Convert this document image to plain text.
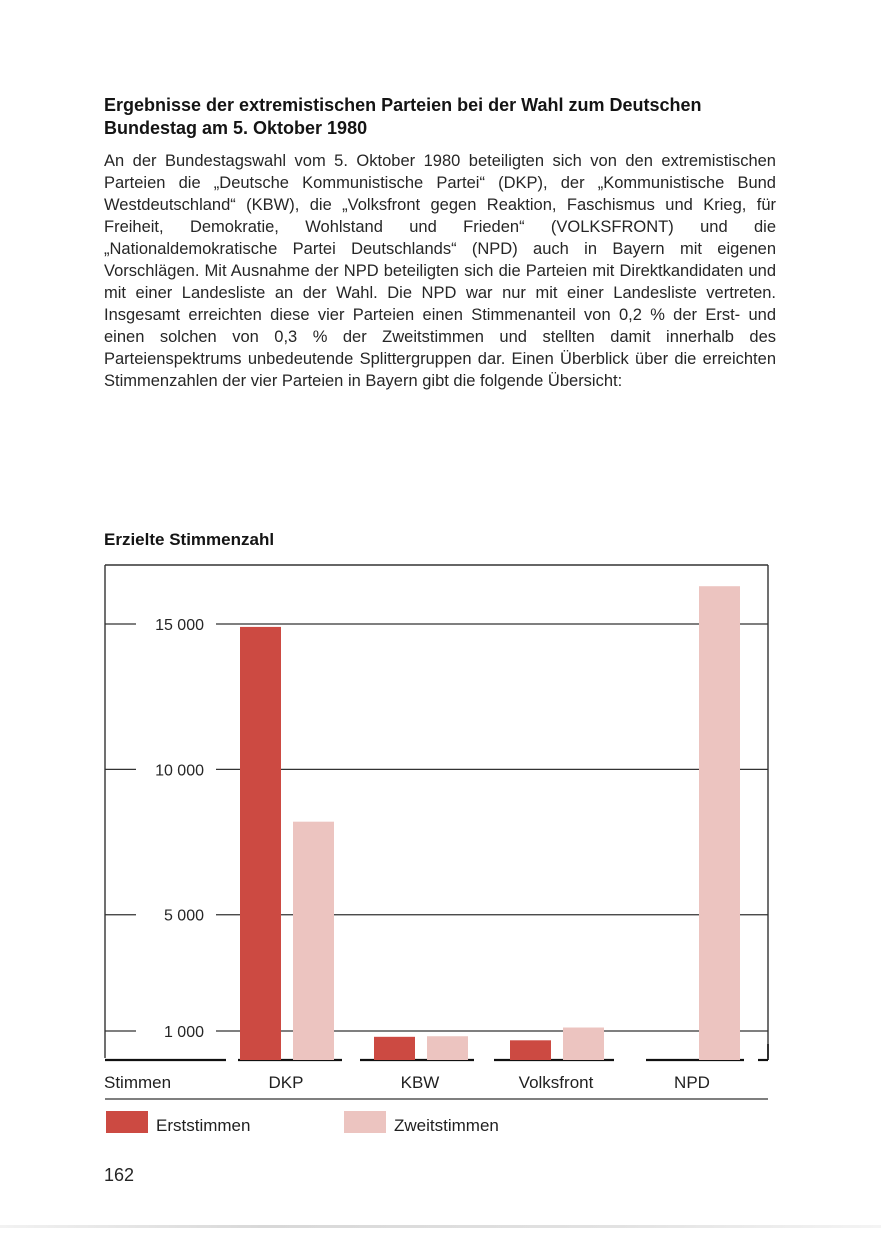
Ergebnisse der extremistischen Parteien bei der Wahl zum Deutschen Bundestag am 5. Oktober 1980

An der Bundestagswahl vom 5. Oktober 1980 beteiligten sich von den extremistischen Parteien die „Deutsche Kommunistische Partei“ (DKP), der „Kommunistische Bund Westdeutschland“ (KBW), die „Volksfront gegen Reaktion, Faschismus und Krieg, für Freiheit, Demokratie, Wohlstand und Frieden“ (VOLKSFRONT) und die „Nationaldemokratische Partei Deutschlands“ (NPD) auch in Bayern mit eigenen Vorschlägen. Mit Ausnahme der NPD beteiligten sich die Parteien mit Direktkandidaten und mit einer Landesliste an der Wahl. Die NPD war nur mit einer Landesliste vertreten. Insgesamt erreichten diese vier Parteien einen Stimmenanteil von 0,2 % der Erst- und einen solchen von 0,3 % der Zweitstimmen und stellten damit innerhalb des Parteienspektrums unbedeutende Splittergruppen dar. Einen Überblick über die erreichten Stimmenzahlen der vier Parteien in Bayern gibt die folgende Übersicht:

Erzielte Stimmenzahl
1 000
5 000
10 000
15 000
DKP	KBW	Volksfront	NPD
Stimmen
Erststimmen	Zweitstimmen
162
